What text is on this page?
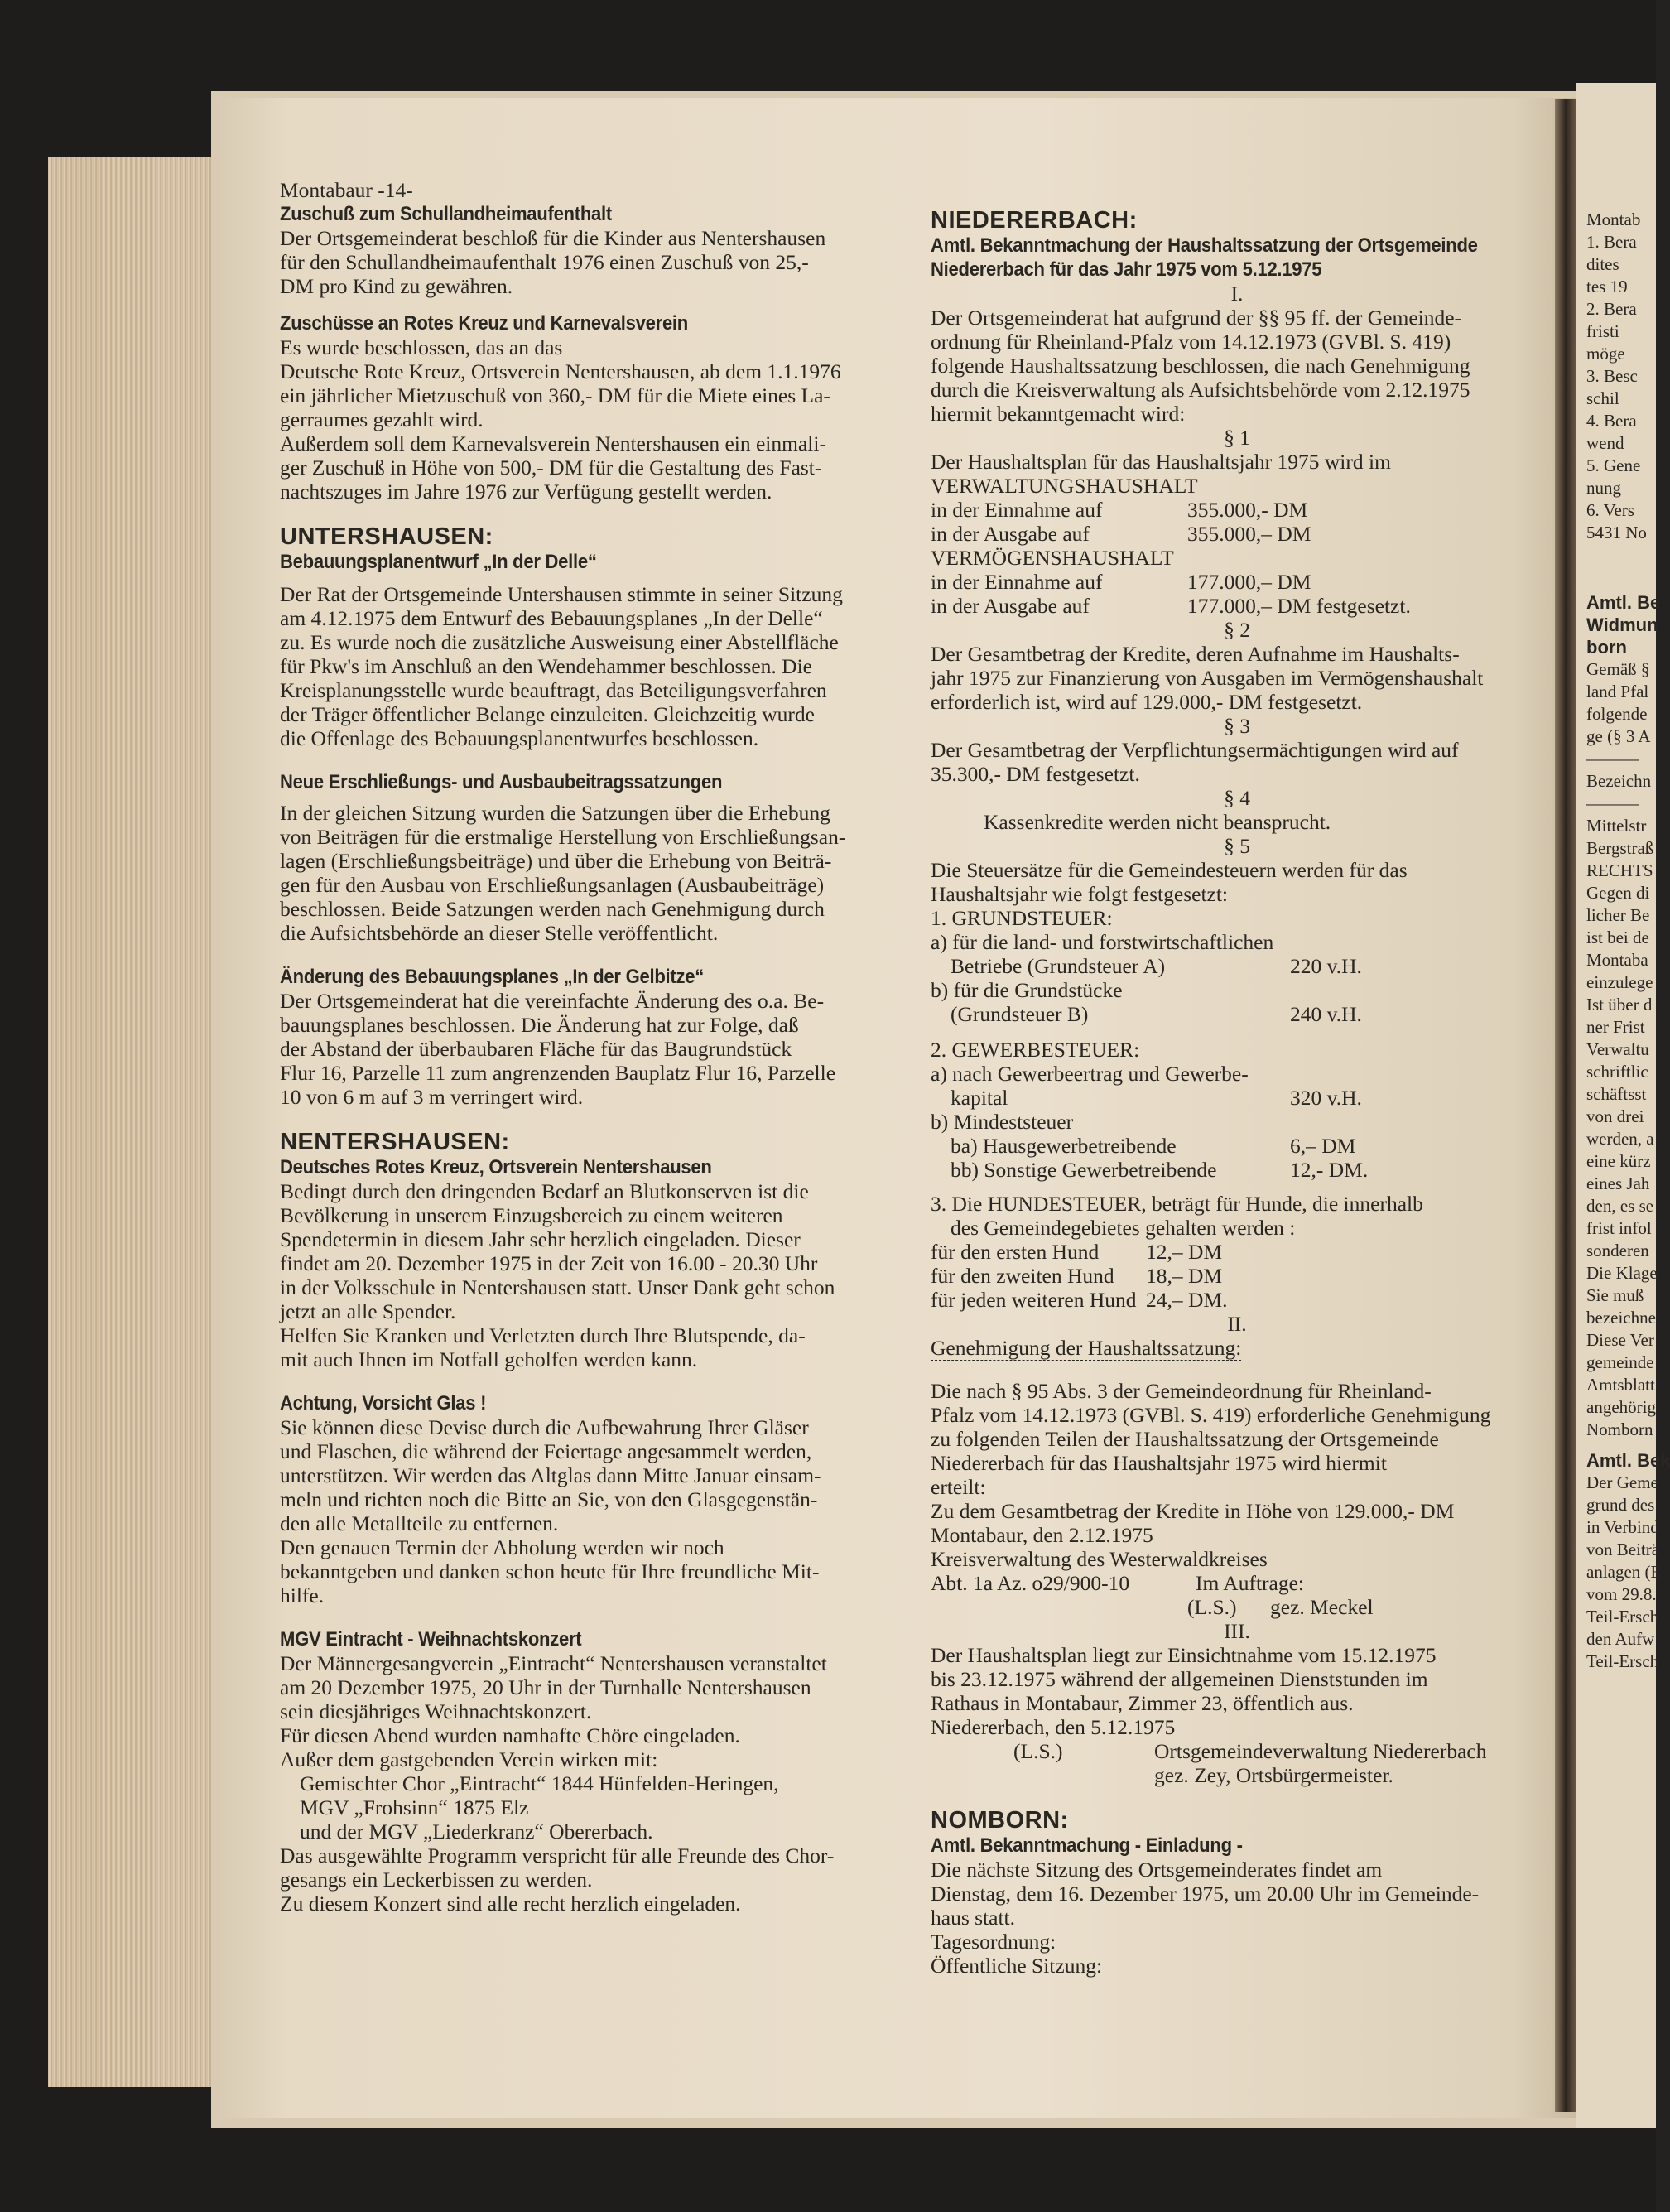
Montabaur -14-

Zuschuß zum Schullandheimaufenthalt

Der Ortsgemeinderat beschloß für die Kinder aus Nentershausen

für den Schullandheimaufenthalt 1976 einen Zuschuß von 25,-

DM pro Kind zu gewähren.

Zuschüsse an Rotes Kreuz und Karnevalsverein

Es wurde beschlossen, das an das

Deutsche Rote Kreuz, Ortsverein Nentershausen, ab dem 1.1.1976

ein jährlicher Mietzuschuß von 360,- DM für die Miete eines La-

gerraumes gezahlt wird.

Außerdem soll dem Karnevalsverein Nentershausen ein einmali-

ger Zuschuß in Höhe von 500,- DM für die Gestaltung des Fast-

nachtszuges im Jahre 1976 zur Verfügung gestellt werden.

UNTERSHAUSEN:
Bebauungsplanentwurf „In der Delle“

Der Rat der Ortsgemeinde Untershausen stimmte in seiner Sitzung

am 4.12.1975 dem Entwurf des Bebauungsplanes „In der Delle“

zu. Es wurde noch die zusätzliche Ausweisung einer Abstellfläche

für Pkw's im Anschluß an den Wendehammer beschlossen. Die

Kreisplanungsstelle wurde beauftragt, das Beteiligungsverfahren

der Träger öffentlicher Belange einzuleiten. Gleichzeitig wurde

die Offenlage des Bebauungsplanentwurfes beschlossen.

Neue Erschließungs- und Ausbaubeitragssatzungen

In der gleichen Sitzung wurden die Satzungen über die Erhebung

von Beiträgen für die erstmalige Herstellung von Erschließungsan-

lagen (Erschließungsbeiträge) und über die Erhebung von Beiträ-

gen für den Ausbau von Erschließungsanlagen (Ausbaubeiträge)

beschlossen. Beide Satzungen werden nach Genehmigung durch

die Aufsichtsbehörde an dieser Stelle veröffentlicht.

Änderung des Bebauungsplanes „In der Gelbitze“

Der Ortsgemeinderat hat die vereinfachte Änderung des o.a. Be-

bauungsplanes beschlossen. Die Änderung hat zur Folge, daß

der Abstand der überbaubaren Fläche für das Baugrundstück

Flur 16, Parzelle 11 zum angrenzenden Bauplatz Flur 16, Parzelle

10 von 6 m auf 3 m verringert wird.

NENTERSHAUSEN:
Deutsches Rotes Kreuz, Ortsverein Nentershausen

Bedingt durch den dringenden Bedarf an Blutkonserven ist die

Bevölkerung in unserem Einzugsbereich zu einem weiteren

Spendetermin in diesem Jahr sehr herzlich eingeladen. Dieser

findet am 20. Dezember 1975 in der Zeit von 16.00 - 20.30 Uhr

in der Volksschule in Nentershausen statt. Unser Dank geht schon

jetzt an alle Spender.

Helfen Sie Kranken und Verletzten durch Ihre Blutspende, da-

mit auch Ihnen im Notfall geholfen werden kann.

Achtung, Vorsicht Glas !

Sie können diese Devise durch die Aufbewahrung Ihrer Gläser

und Flaschen, die während der Feiertage angesammelt werden,

unterstützen. Wir werden das Altglas dann Mitte Januar einsam-

meln und richten noch die Bitte an Sie, von den Glasgegenstän-

den alle Metallteile zu entfernen.

Den genauen Termin der Abholung werden wir noch

bekanntgeben und danken schon heute für Ihre freundliche Mit-

hilfe.

MGV Eintracht - Weihnachtskonzert

Der Männergesangverein „Eintracht“ Nentershausen veranstaltet

am 20 Dezember 1975, 20 Uhr in der Turnhalle Nentershausen

sein diesjähriges Weihnachtskonzert.

Für diesen Abend wurden namhafte Chöre eingeladen.

Außer dem gastgebenden Verein wirken mit:

Gemischter Chor „Eintracht“ 1844 Hünfelden-Heringen,

MGV „Frohsinn“ 1875 Elz

und der MGV „Liederkranz“ Obererbach.

Das ausgewählte Programm verspricht für alle Freunde des Chor-

gesangs ein Leckerbissen zu werden.

Zu diesem Konzert sind alle recht herzlich eingeladen.

NIEDERERBACH:
Amtl. Bekanntmachung der Haushaltssatzung der Ortsgemeinde
Niedererbach für das Jahr 1975 vom 5.12.1975

I.

Der Ortsgemeinderat hat aufgrund der §§ 95 ff. der Gemeinde-

ordnung für Rheinland-Pfalz vom 14.12.1973 (GVBl. S. 419)

folgende Haushaltssatzung beschlossen, die nach Genehmigung

durch die Kreisverwaltung als Aufsichtsbehörde vom 2.12.1975

hiermit bekanntgemacht wird:

§ 1

Der Haushaltsplan für das Haushaltsjahr 1975 wird im

VERWALTUNGSHAUSHALT

in der Einnahme auf	355.000,- DM
in der Ausgabe auf	355.000,– DM

VERMÖGENSHAUSHALT

in der Einnahme auf	177.000,– DM
in der Ausgabe auf	177.000,– DM festgesetzt.

§ 2

Der Gesamtbetrag der Kredite, deren Aufnahme im Haushalts-

jahr 1975 zur Finanzierung von Ausgaben im Vermögenshaushalt

erforderlich ist, wird auf 129.000,- DM festgesetzt.

§ 3

Der Gesamtbetrag der Verpflichtungsermächtigungen wird auf

35.300,- DM festgesetzt.

§ 4

Kassenkredite werden nicht beansprucht.

§ 5

Die Steuersätze für die Gemeindesteuern werden für das

Haushaltsjahr wie folgt festgesetzt:

1. GRUNDSTEUER:

a) für die land- und forstwirtschaftlichen

Betriebe (Grundsteuer A)	220 v.H.

b) für die Grundstücke

(Grundsteuer B)	240 v.H.

2. GEWERBESTEUER:

a) nach Gewerbeertrag und Gewerbe-

kapital	320 v.H.

b) Mindeststeuer

ba) Hausgewerbetreibende	6,– DM
bb) Sonstige Gewerbetreibende	12,- DM.

3. Die HUNDESTEUER, beträgt für Hunde, die innerhalb

des Gemeindegebietes gehalten werden :

für den ersten Hund	12,– DM
für den zweiten Hund	18,– DM
für jeden weiteren Hund 24,– DM.

II.

Genehmigung der Haushaltssatzung:

Die nach § 95 Abs. 3 der Gemeindeordnung für Rheinland-

Pfalz vom 14.12.1973 (GVBl. S. 419) erforderliche Genehmigung

zu folgenden Teilen der Haushaltssatzung der Ortsgemeinde

Niedererbach für das Haushaltsjahr 1975 wird hiermit

erteilt:

Zu dem Gesamtbetrag der Kredite in Höhe von 129.000,- DM

Montabaur, den 2.12.1975

Kreisverwaltung des Westerwaldkreises

Abt. 1a Az. o29/900-10	Im Auftrage:
(L.S.)	gez. Meckel

III.

Der Haushaltsplan liegt zur Einsichtnahme vom 15.12.1975

bis 23.12.1975 während der allgemeinen Dienststunden im

Rathaus in Montabaur, Zimmer 23, öffentlich aus.

Niedererbach, den 5.12.1975

(L.S.)	Ortsgemeindeverwaltung Niedererbach
gez. Zey, Ortsbürgermeister.
NOMBORN:
Amtl. Bekanntmachung - Einladung -

Die nächste Sitzung des Ortsgemeinderates findet am

Dienstag, dem 16. Dezember 1975, um 20.00 Uhr im Gemeinde-

haus statt.

Tagesordnung:

Öffentliche Sitzung:

Montab

1. Bera

dites

tes 19

2. Bera

fristi

möge

3. Besc

schil

4. Bera

wend

5. Gene

nung

6. Vers

5431 No

Amtl. Be

Widmun

born

Gemäß §

land Pfal

folgende

ge (§ 3 A

––––––

Bezeichn

––––––

Mittelstr

Bergstraß

RECHTS

Gegen di

licher Be

ist bei de

Montaba

einzulege

Ist über d

ner Frist

Verwaltu

schriftlic

schäftsst

von drei

werden, a

eine kürz

eines Jah

den, es se

frist infol

sonderen

Die Klage

Sie muß

bezeichne

Diese Ver

gemeinde

Amtsblatt

angehörig

Nomborn

Amtl. Bek

Der Geme

grund des

in Verbind

von Beiträ

anlagen (E

vom 29.8.

Teil-Ersch

den Aufw

Teil-Ersch
